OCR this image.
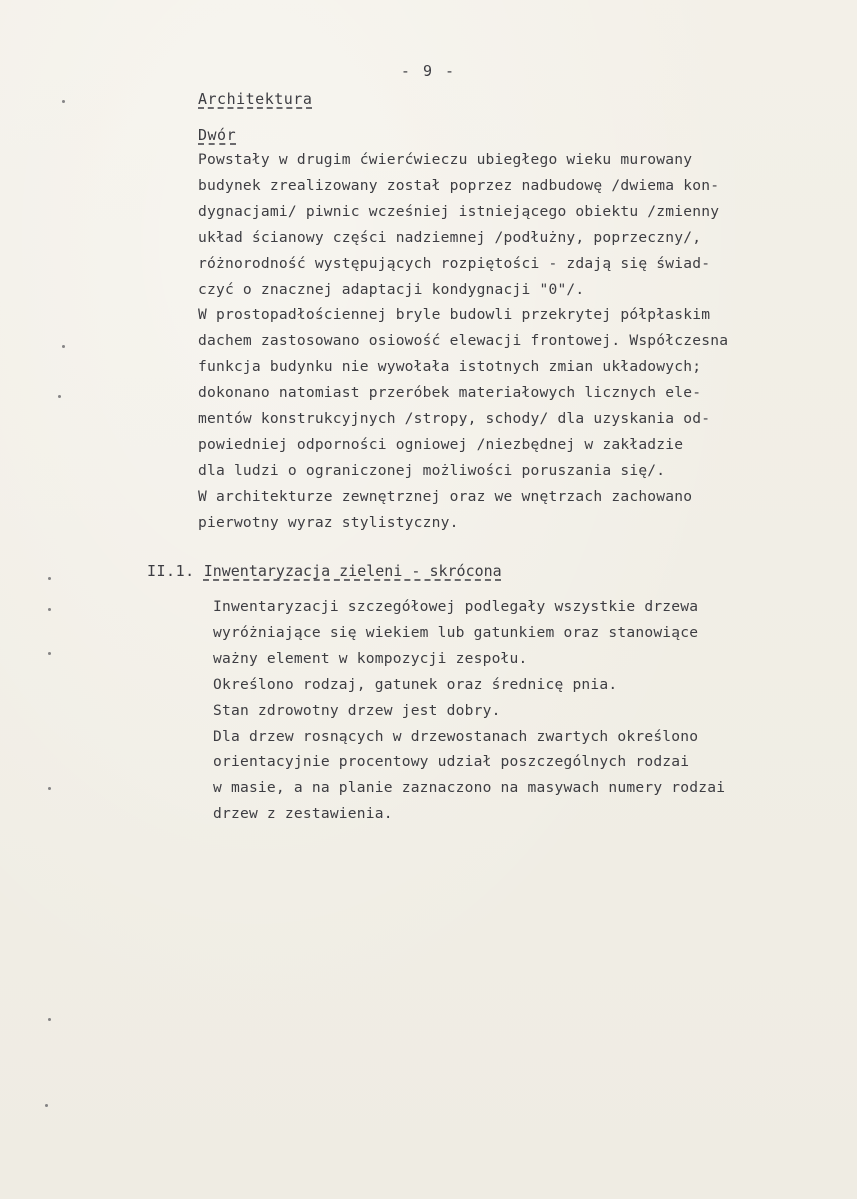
- 9 -
Architektura
Dwór
Powstały w drugim ćwierćwieczu ubiegłego wieku murowany
budynek zrealizowany został poprzez nadbudowę /dwiema kon-
dygnacjami/ piwnic wcześniej istniejącego obiektu /zmienny
układ ścianowy części nadziemnej /podłużny, poprzeczny/,
różnorodność występujących rozpiętości - zdają się świad-
czyć o znacznej adaptacji kondygnacji "0"/.
W prostopadłościennej bryle budowli przekrytej półpłaskim
dachem zastosowano osiowość elewacji frontowej. Współczesna
funkcja budynku nie wywołała istotnych zmian układowych;
dokonano natomiast przeróbek materiałowych licznych ele-
mentów konstrukcyjnych /stropy, schody/ dla uzyskania od-
powiedniej odporności ogniowej /niezbędnej w zakładzie
dla ludzi o ograniczonej możliwości poruszania się/.
W architekturze zewnętrznej oraz we wnętrzach zachowano
pierwotny wyraz stylistyczny.
II.1. Inwentaryzacja zieleni - skrócona
Inwentaryzacji szczegółowej podlegały wszystkie drzewa
wyróżniające się wiekiem lub gatunkiem oraz stanowiące
ważny element w kompozycji zespołu.
Określono rodzaj, gatunek oraz średnicę pnia.
Stan zdrowotny drzew jest dobry.
Dla drzew rosnących w drzewostanach zwartych określono
orientacyjnie procentowy udział poszczególnych rodzai
w masie, a na planie zaznaczono na masywach numery rodzai
drzew z zestawienia.
